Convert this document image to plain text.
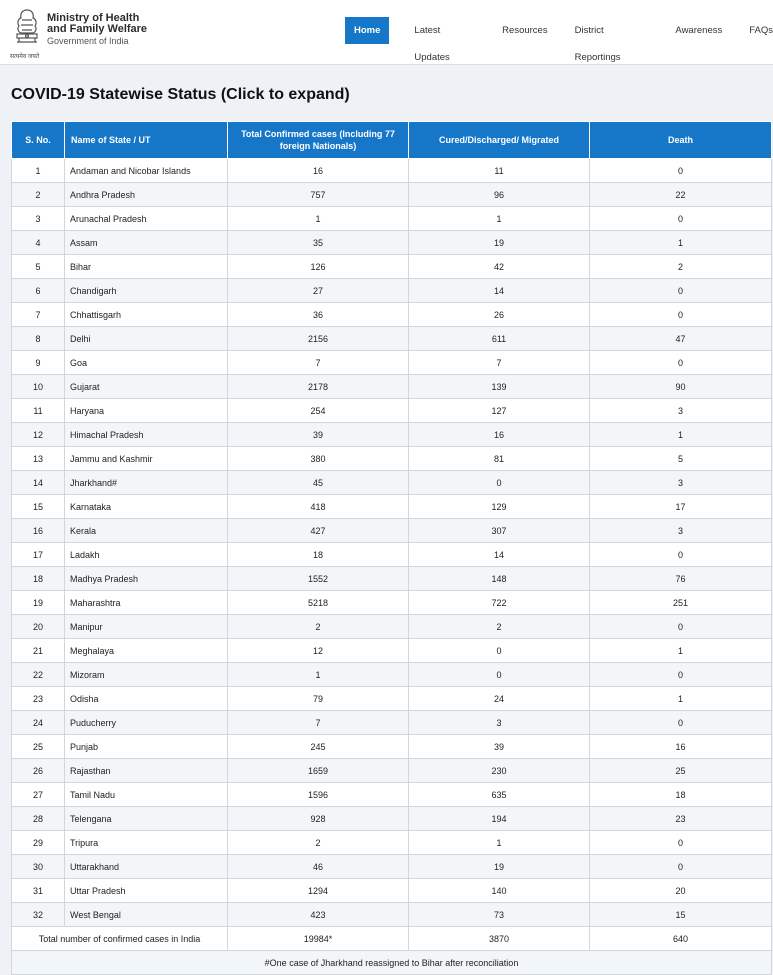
Ministry of Health
and Family Welfare
Government of India
सत्यमेव जयते
Home	Latest Updates
Resources	District Reportings
Awareness	FAQs
COVID-19 Statewise Status (Click to expand)
S. No.	Name of State / UT	Total Confirmed cases (Including 77 foreign Nationals)	Cured/Discharged/ Migrated	Death
1	Andaman and Nicobar Islands	16	11	0
2	Andhra Pradesh	757	96	22
3	Arunachal Pradesh	1	1	0
4	Assam	35	19	1
5	Bihar	126	42	2
6	Chandigarh	27	14	0
7	Chhattisgarh	36	26	0
8	Delhi	2156	611	47
9	Goa	7	7	0
10	Gujarat	2178	139	90
11	Haryana	254	127	3
12	Himachal Pradesh	39	16	1
13	Jammu and Kashmir	380	81	5
14	Jharkhand#	45	0	3
15	Karnataka	418	129	17
16	Kerala	427	307	3
17	Ladakh	18	14	0
18	Madhya Pradesh	1552	148	76
19	Maharashtra	5218	722	251
20	Manipur	2	2	0
21	Meghalaya	12	0	1
22	Mizoram	1	0	0
23	Odisha	79	24	1
24	Puducherry	7	3	0
25	Punjab	245	39	16
26	Rajasthan	1659	230	25
27	Tamil Nadu	1596	635	18
28	Telengana	928	194	23
29	Tripura	2	1	0
30	Uttarakhand	46	19	0
31	Uttar Pradesh	1294	140	20
32	West Bengal	423	73	15
Total number of confirmed cases in India		19984*	3870	640
#One case of Jharkhand reassigned to Bihar after reconciliation				
